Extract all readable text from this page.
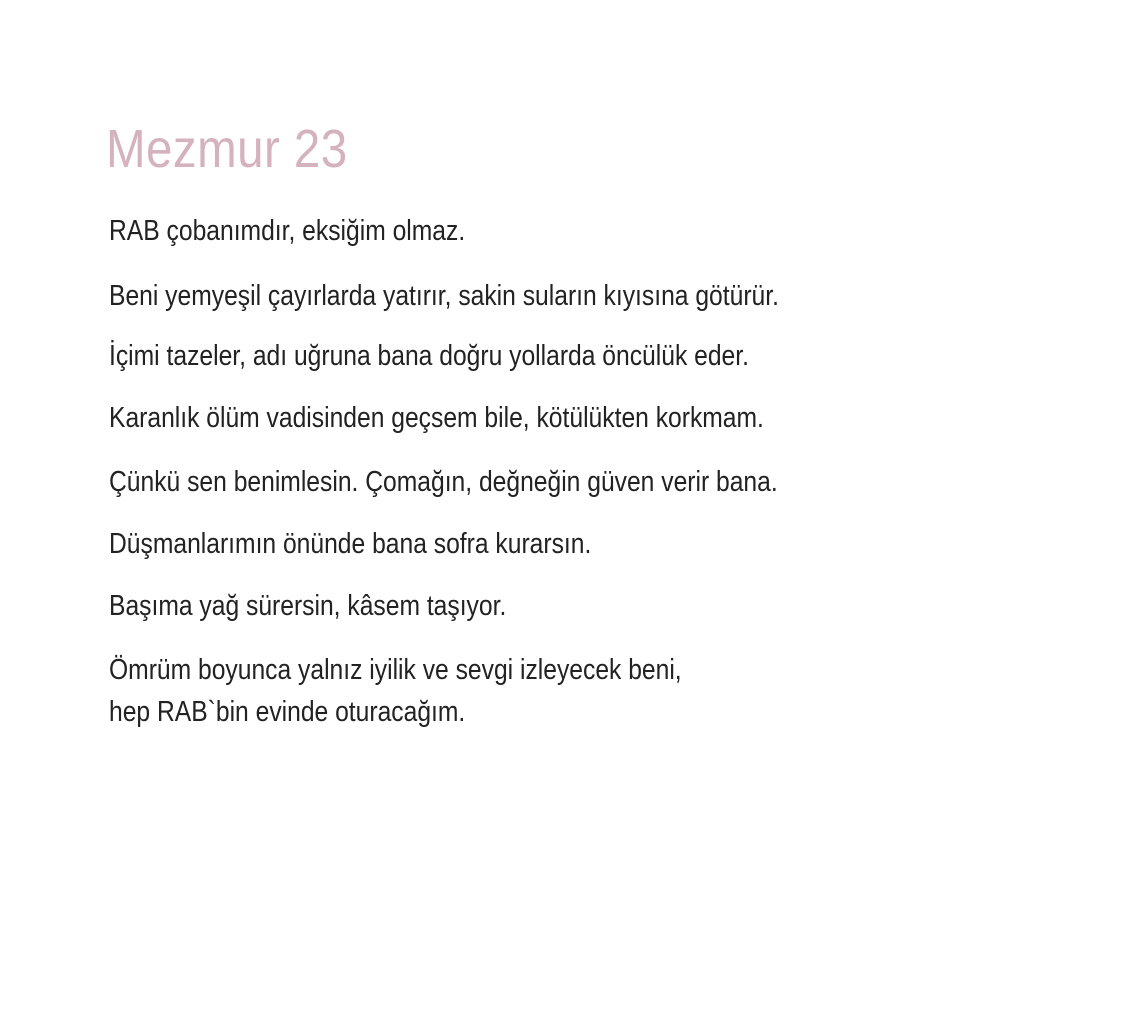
Mezmur 23

RAB çobanımdır, eksiğim olmaz.

Beni yemyeşil çayırlarda yatırır, sakin suların kıyısına götürür.

İçimi tazeler, adı uğruna bana doğru yollarda öncülük eder.

Karanlık ölüm vadisinden geçsem bile, kötülükten korkmam.

Çünkü sen benimlesin. Çomağın, değneğin güven verir bana.

Düşmanlarımın önünde bana sofra kurarsın.

Başıma yağ sürersin, kâsem taşıyor.

Ömrüm boyunca yalnız iyilik ve sevgi izleyecek beni,

hep RAB`bin evinde oturacağım.
